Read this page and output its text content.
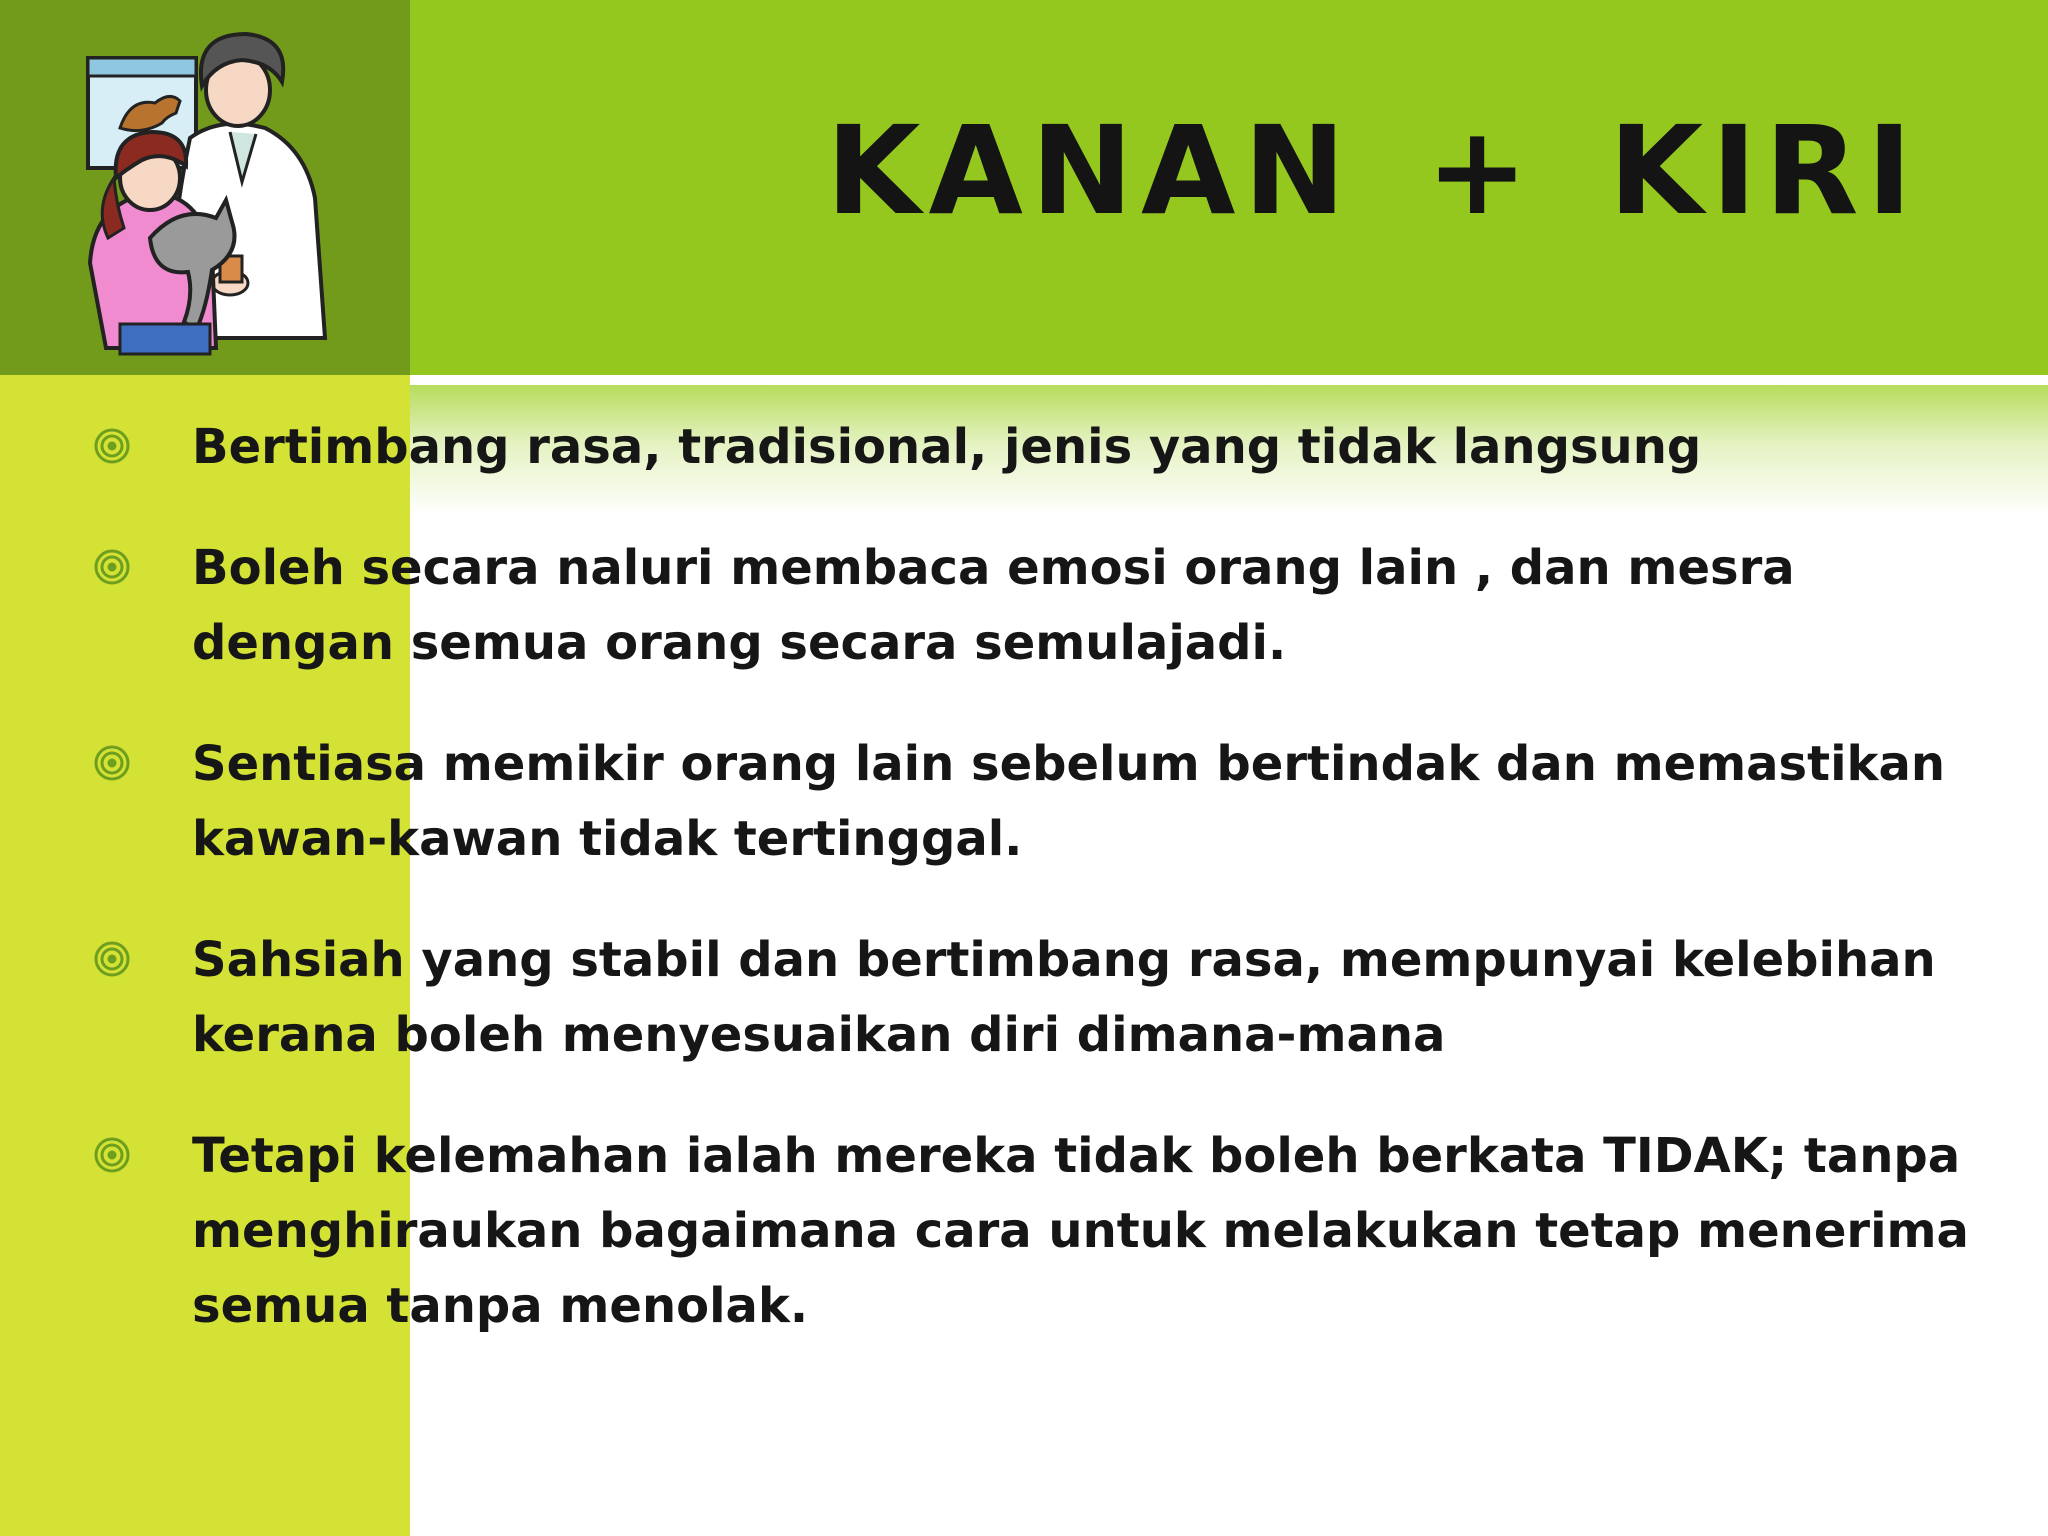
KANAN + KIRI
Bertimbang rasa, tradisional, jenis yang tidak langsung
Boleh secara naluri membaca emosi orang lain , dan mesra dengan semua orang secara semulajadi.
Sentiasa memikir orang lain sebelum bertindak dan memastikan kawan-kawan tidak tertinggal.
Sahsiah yang stabil dan bertimbang rasa, mempunyai kelebihan kerana boleh menyesuaikan diri dimana-mana
Tetapi kelemahan ialah mereka tidak boleh berkata TIDAK; tanpa menghiraukan bagaimana cara untuk melakukan tetap menerima semua tanpa menolak.
